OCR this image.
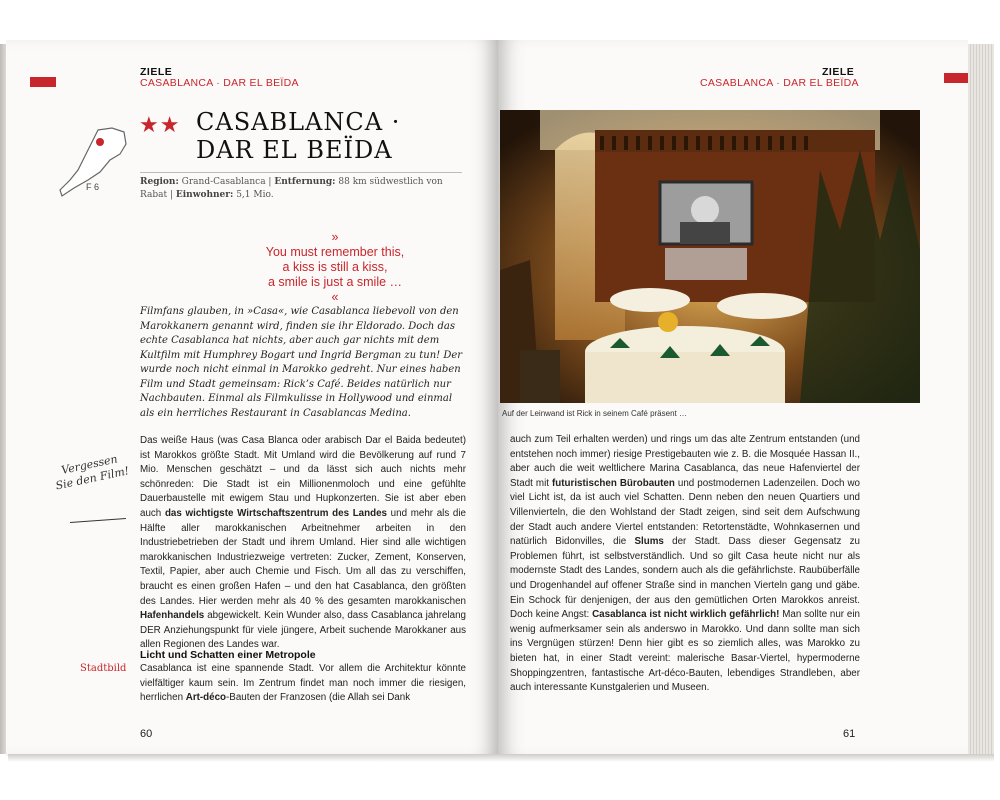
ZIELE
CASABLANCA · DAR EL BEÏDA
F 6
★★ CASABLANCA ·
DAR EL BEÏDA
Region: Grand-Casablanca | Entfernung: 88 km südwestlich von Rabat | Einwohner: 5,1 Mio.
»
You must remember this,
a kiss is still a kiss,
a smile is just a smile …
«
Filmfans glauben, in »Casa«, wie Casablanca liebevoll von den Marokkanern genannt wird, finden sie ihr Eldorado. Doch das echte Casablanca hat nichts, aber auch gar nichts mit dem Kultfilm mit Humphrey Bogart und Ingrid Bergman zu tun! Der wurde noch nicht einmal in Marokko gedreht. Nur eines haben Film und Stadt gemeinsam: Rick’s Café. Beides natürlich nur Nachbauten. Einmal als Filmkulisse in Hollywood und einmal als ein herrliches Restaurant in Casablancas Medina.
Das weiße Haus (was Casa Blanca oder arabisch Dar el Baida bedeutet) ist Marokkos größte Stadt. Mit Umland wird die Bevölkerung auf rund 7 Mio. Menschen geschätzt – und da lässt sich auch nichts mehr schönreden: Die Stadt ist ein Millionenmoloch und eine gefühlte Dauerbaustelle mit ewigem Stau und Hupkonzerten. Sie ist aber eben auch das wichtigste Wirtschaftszentrum des Landes und mehr als die Hälfte aller marokkanischen Arbeitnehmer arbeiten in den Industriebetrieben der Stadt und ihrem Umland. Hier sind alle wichtigen marokkanischen Industriezweige vertreten: Zucker, Zement, Konserven, Textil, Papier, aber auch Chemie und Fisch. Um all das zu verschiffen, braucht es einen großen Hafen – und den hat Casablanca, den größten des Landes. Hier werden mehr als 40 % des gesamten marokkanischen Hafenhandels abgewickelt. Kein Wunder also, dass Casablanca jahrelang DER Anziehungspunkt für viele jüngere, Arbeit suchende Marokkaner aus allen Regionen des Landes war.
Vergessen Sie den Film!
Licht und Schatten einer Metropole
Stadtbild Casablanca ist eine spannende Stadt. Vor allem die Architektur könnte vielfältiger kaum sein. Im Zentrum findet man noch immer die riesigen, herrlichen Art-déco-Bauten der Franzosen (die Allah sei Dank
60
ZIELE
CASABLANCA · DAR EL BEÏDA
Auf der Leinwand ist Rick in seinem Café präsent …
auch zum Teil erhalten werden) und rings um das alte Zentrum entstanden (und entstehen noch immer) riesige Prestigebauten wie z. B. die Mosquée Hassan II., aber auch die weit weltlichere Marina Casablanca, das neue Hafenviertel der Stadt mit futuristischen Bürobauten und postmodernen Ladenzeilen. Doch wo viel Licht ist, da ist auch viel Schatten. Denn neben den neuen Quartiers und Villenvierteln, die den Wohlstand der Stadt zeigen, sind seit dem Aufschwung der Stadt auch andere Viertel entstanden: Retortenstädte, Wohnkasernen und natürlich Bidonvilles, die Slums der Stadt. Dass dieser Gegensatz zu Problemen führt, ist selbstverständlich. Und so gilt Casa heute nicht nur als modernste Stadt des Landes, sondern auch als die gefährlichste. Raubüberfälle und Drogenhandel auf offener Straße sind in manchen Vierteln gang und gäbe. Ein Schock für denjenigen, der aus den gemütlichen Orten Marokkos anreist. Doch keine Angst: Casablanca ist nicht wirklich gefährlich! Man sollte nur ein wenig aufmerksamer sein als anderswo in Marokko. Und dann sollte man sich ins Vergnügen stürzen! Denn hier gibt es so ziemlich alles, was Marokko zu bieten hat, in einer Stadt vereint: malerische Basar-Viertel, hypermoderne Shoppingzentren, fantastische Art-déco-Bauten, lebendiges Strandleben, aber auch interessante Kunstgalerien und Museen.
61
